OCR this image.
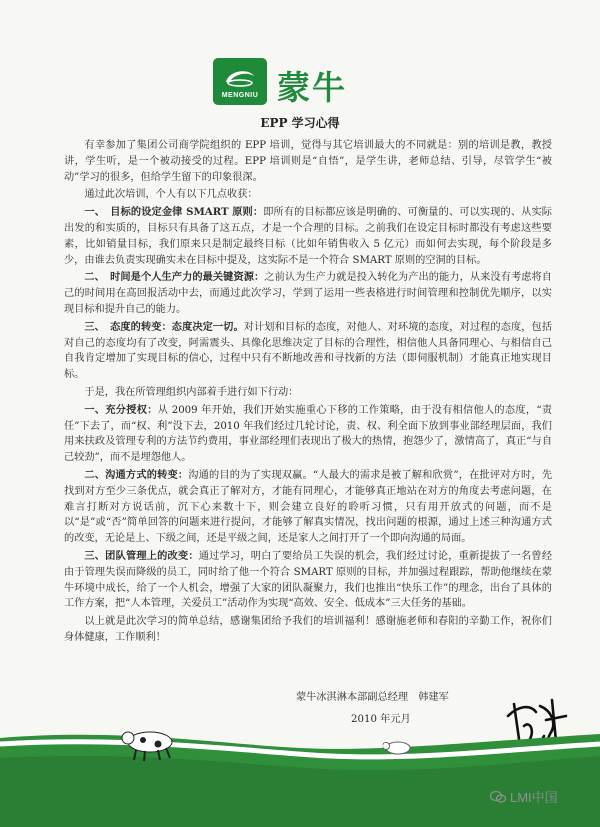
MENGNIU 蒙牛
EPP 学习心得

有幸参加了集团公司商学院组织的 EPP 培训，觉得与其它培训最大的不同就是：别的培训是教，教授讲，学生听，是一个被动接受的过程。EPP 培训则是“自悟”，是学生讲，老师总结、引导，尽管学生“被动”学习的很多，但给学生留下的印象很深。

通过此次培训，个人有以下几点收获：

一、　目标的设定金律 SMART 原则：即所有的目标都应该是明确的、可衡量的、可以实现的、从实际出发的和实质的，目标只有具备了这五点，才是一个合理的目标。之前我们在设定目标时都没有考虑这些要素，比如销量目标，我们原来只是制定最终目标（比如年销售收入 5 亿元）而如何去实现，每个阶段是多少，由谁去负责实现确实未在目标中提及，这实际不是一个符合 SMART 原则的空洞的目标。

二、　时间是个人生产力的最关键资源：之前认为生产力就是投入转化为产出的能力，从来没有考虑将自己的时间用在高回报活动中去，而通过此次学习，学到了运用一些表格进行时间管理和控制优先顺序，以实现目标和提升自己的能力。

三、　态度的转变：态度决定一切。对计划和目标的态度，对他人、对环境的态度，对过程的态度，包括对自己的态度均有了改变，阿需震头、具像化思维决定了目标的合理性，相信他人具备同理心、与相信自己自我肯定增加了实现目标的信心，过程中只有不断地改善和寻找新的方法（即伺服机制）才能真正地实现目标。

于是，我在所管理组织内部着手进行如下行动：

一、充分授权：从 2009 年开始，我们开始实施重心下移的工作策略，由于没有相信他人的态度，“责任”下去了，而“权、利”没下去，2010 年我们经过几轮讨论，责、权、利全面下放到事业部经理层面，我们用来扶政及管理专利的方法节约费用，事业部经理们表现出了极大的热情，抱怨少了，激情高了，真正“与自己较劲”，而不是埋怨他人。

二、沟通方式的转变：沟通的目的为了实现双赢。“人最大的需求是被了解和欣赏”，在批评对方时，先找到对方至少三条优点，就会真正了解对方，才能有同理心，才能够真正地站在对方的角度去考虑问题，在难言打断对方说话前，沉下心来数十下，则会建立良好的聆听习惯，只有用开放式的问题，而不是以“是”或“否”简单回答的问题来进行提问，才能够了解真实情况，找出问题的根源，通过上述三种沟通方式的改变，无论是上、下级之间，还是平级之间，还是家人之间打开了一个即向沟通的局面。

三、团队管理上的改变：通过学习，明白了要给员工失误的机会，我们经过讨论，重新提拔了一名曾经由于管理失误而降级的员工，同时给了他一个符合 SMART 原则的目标，并加强过程跟踪，帮助他继续在蒙牛环境中成长，给了一个人机会，增强了大家的团队凝聚力，我们也推出“快乐工作”的理念，出台了具体的工作方案，把“人本管理，关爱员工”活动作为实现“高效、安全、低成本”三大任务的基础。

以上就是此次学习的简单总结，感谢集团给予我们的培训福利！感谢施老师和春阳的辛勤工作，祝你们身体健康，工作顺利！

蒙牛冰淇淋本部副总经理　韩建军
2010 年元月
AMP
LMI中国
